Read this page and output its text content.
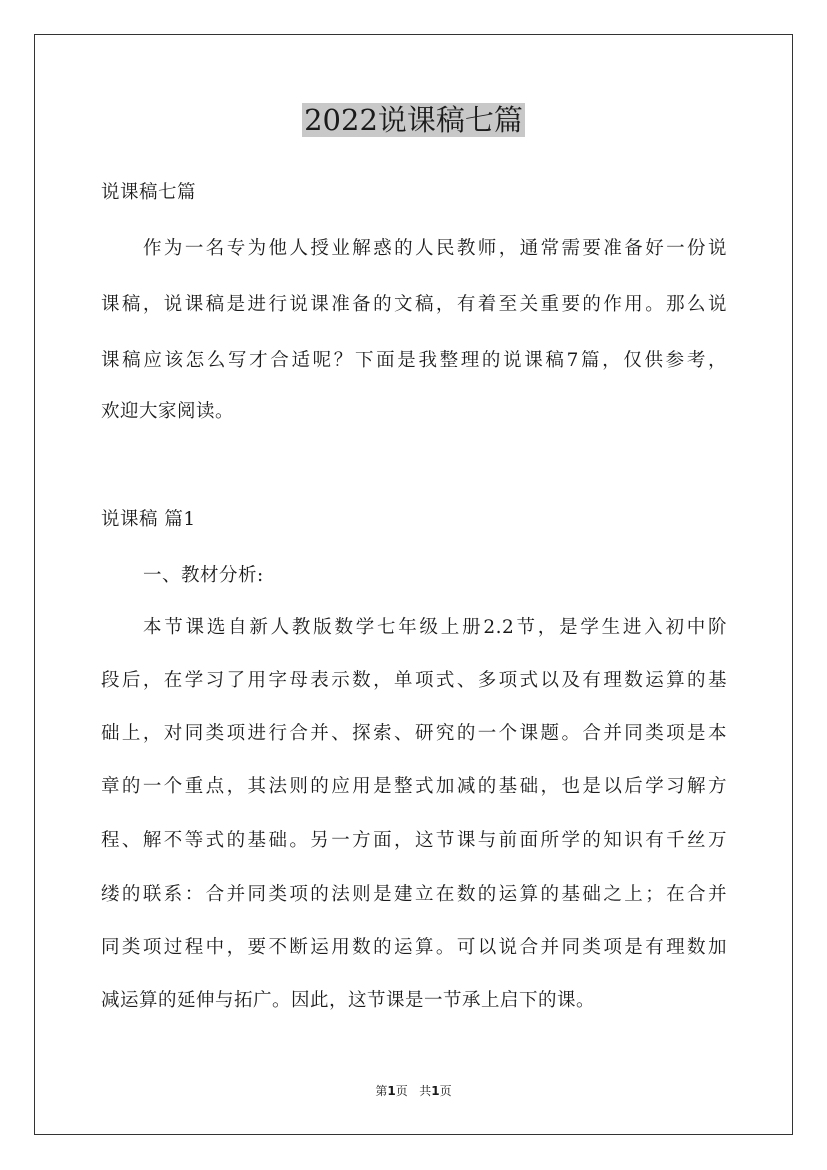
2022说课稿七篇
说课稿七篇
作为一名专为他人授业解惑的人民教师，通常需要准备好一份说
课稿，说课稿是进行说课准备的文稿，有着至关重要的作用。那么说
课稿应该怎么写才合适呢？下面是我整理的说课稿7篇，仅供参考，
欢迎大家阅读。
说课稿 篇1
一、教材分析:
本节课选自新人教版数学七年级上册2.2节，是学生进入初中阶
段后，在学习了用字母表示数，单项式、多项式以及有理数运算的基
础上，对同类项进行合并、探索、研究的一个课题。合并同类项是本
章的一个重点，其法则的应用是整式加减的基础，也是以后学习解方
程、解不等式的基础。另一方面，这节课与前面所学的知识有千丝万
缕的联系：合并同类项的法则是建立在数的运算的基础之上；在合并
同类项过程中，要不断运用数的运算。可以说合并同类项是有理数加
减运算的延伸与拓广。因此，这节课是一节承上启下的课。
第1页 共1页
